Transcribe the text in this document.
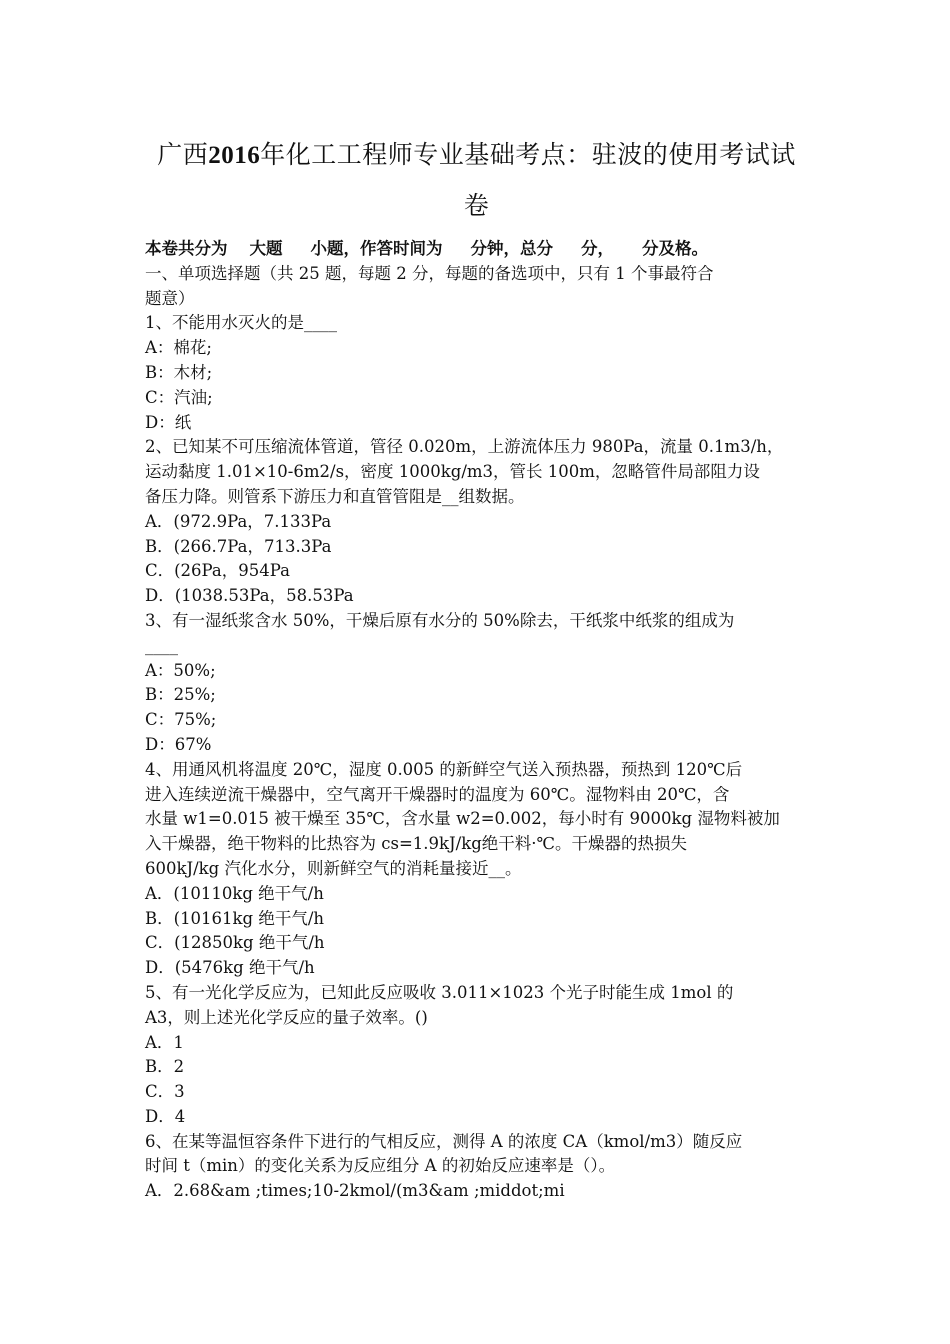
广西2016年化工工程师专业基础考点：驻波的使用考试试
卷
本卷共分为 大题 小题，作答时间为 分钟，总分 分， 分及格。
一、单项选择题（共 25 题，每题 2 分，每题的备选项中，只有 1 个事最符合
题意）
1、不能用水灭火的是____
A：棉花;
B：木材;
C：汽油;
D：纸
2、已知某不可压缩流体管道，管径 0.020m，上游流体压力 980Pa，流量 0.1m3/h，
运动黏度 1.01×10-6m2/s，密度 1000kg/m3，管长 100m，忽略管件局部阻力设
备压力降。则管系下游压力和直管管阻是__组数据。
A．(972.9Pa，7.133Pa
B．(266.7Pa，713.3Pa
C．(26Pa，954Pa
D．(1038.53Pa，58.53Pa
3、有一湿纸浆含水 50%，干燥后原有水分的 50%除去，干纸浆中纸浆的组成为
____
A：50%;
B：25%;
C：75%;
D：67%
4、用通风机将温度 20℃，湿度 0.005 的新鲜空气送入预热器，预热到 120℃后
进入连续逆流干燥器中，空气离开干燥器时的温度为 60℃。湿物料由 20℃，含
水量 w1=0.015 被干燥至 35℃，含水量 w2=0.002，每小时有 9000kg 湿物料被加
入干燥器，绝干物料的比热容为 cs=1.9kJ/kg绝干料·℃。干燥器的热损失
600kJ/kg 汽化水分，则新鲜空气的消耗量接近__。
A．(10110kg 绝干气/h
B．(10161kg 绝干气/h
C．(12850kg 绝干气/h
D．(5476kg 绝干气/h
5、有一光化学反应为，已知此反应吸收 3.011×1023 个光子时能生成 1mol 的
A3，则上述光化学反应的量子效率。()
A．1
B．2
C．3
D．4
6、在某等温恒容条件下进行的气相反应，测得 A 的浓度 CA（kmol/m3）随反应
时间 t（min）的变化关系为反应组分 A 的初始反应速率是（）。
A．2.68&am ;times;10-2kmol/(m3&am ;middot;mi
